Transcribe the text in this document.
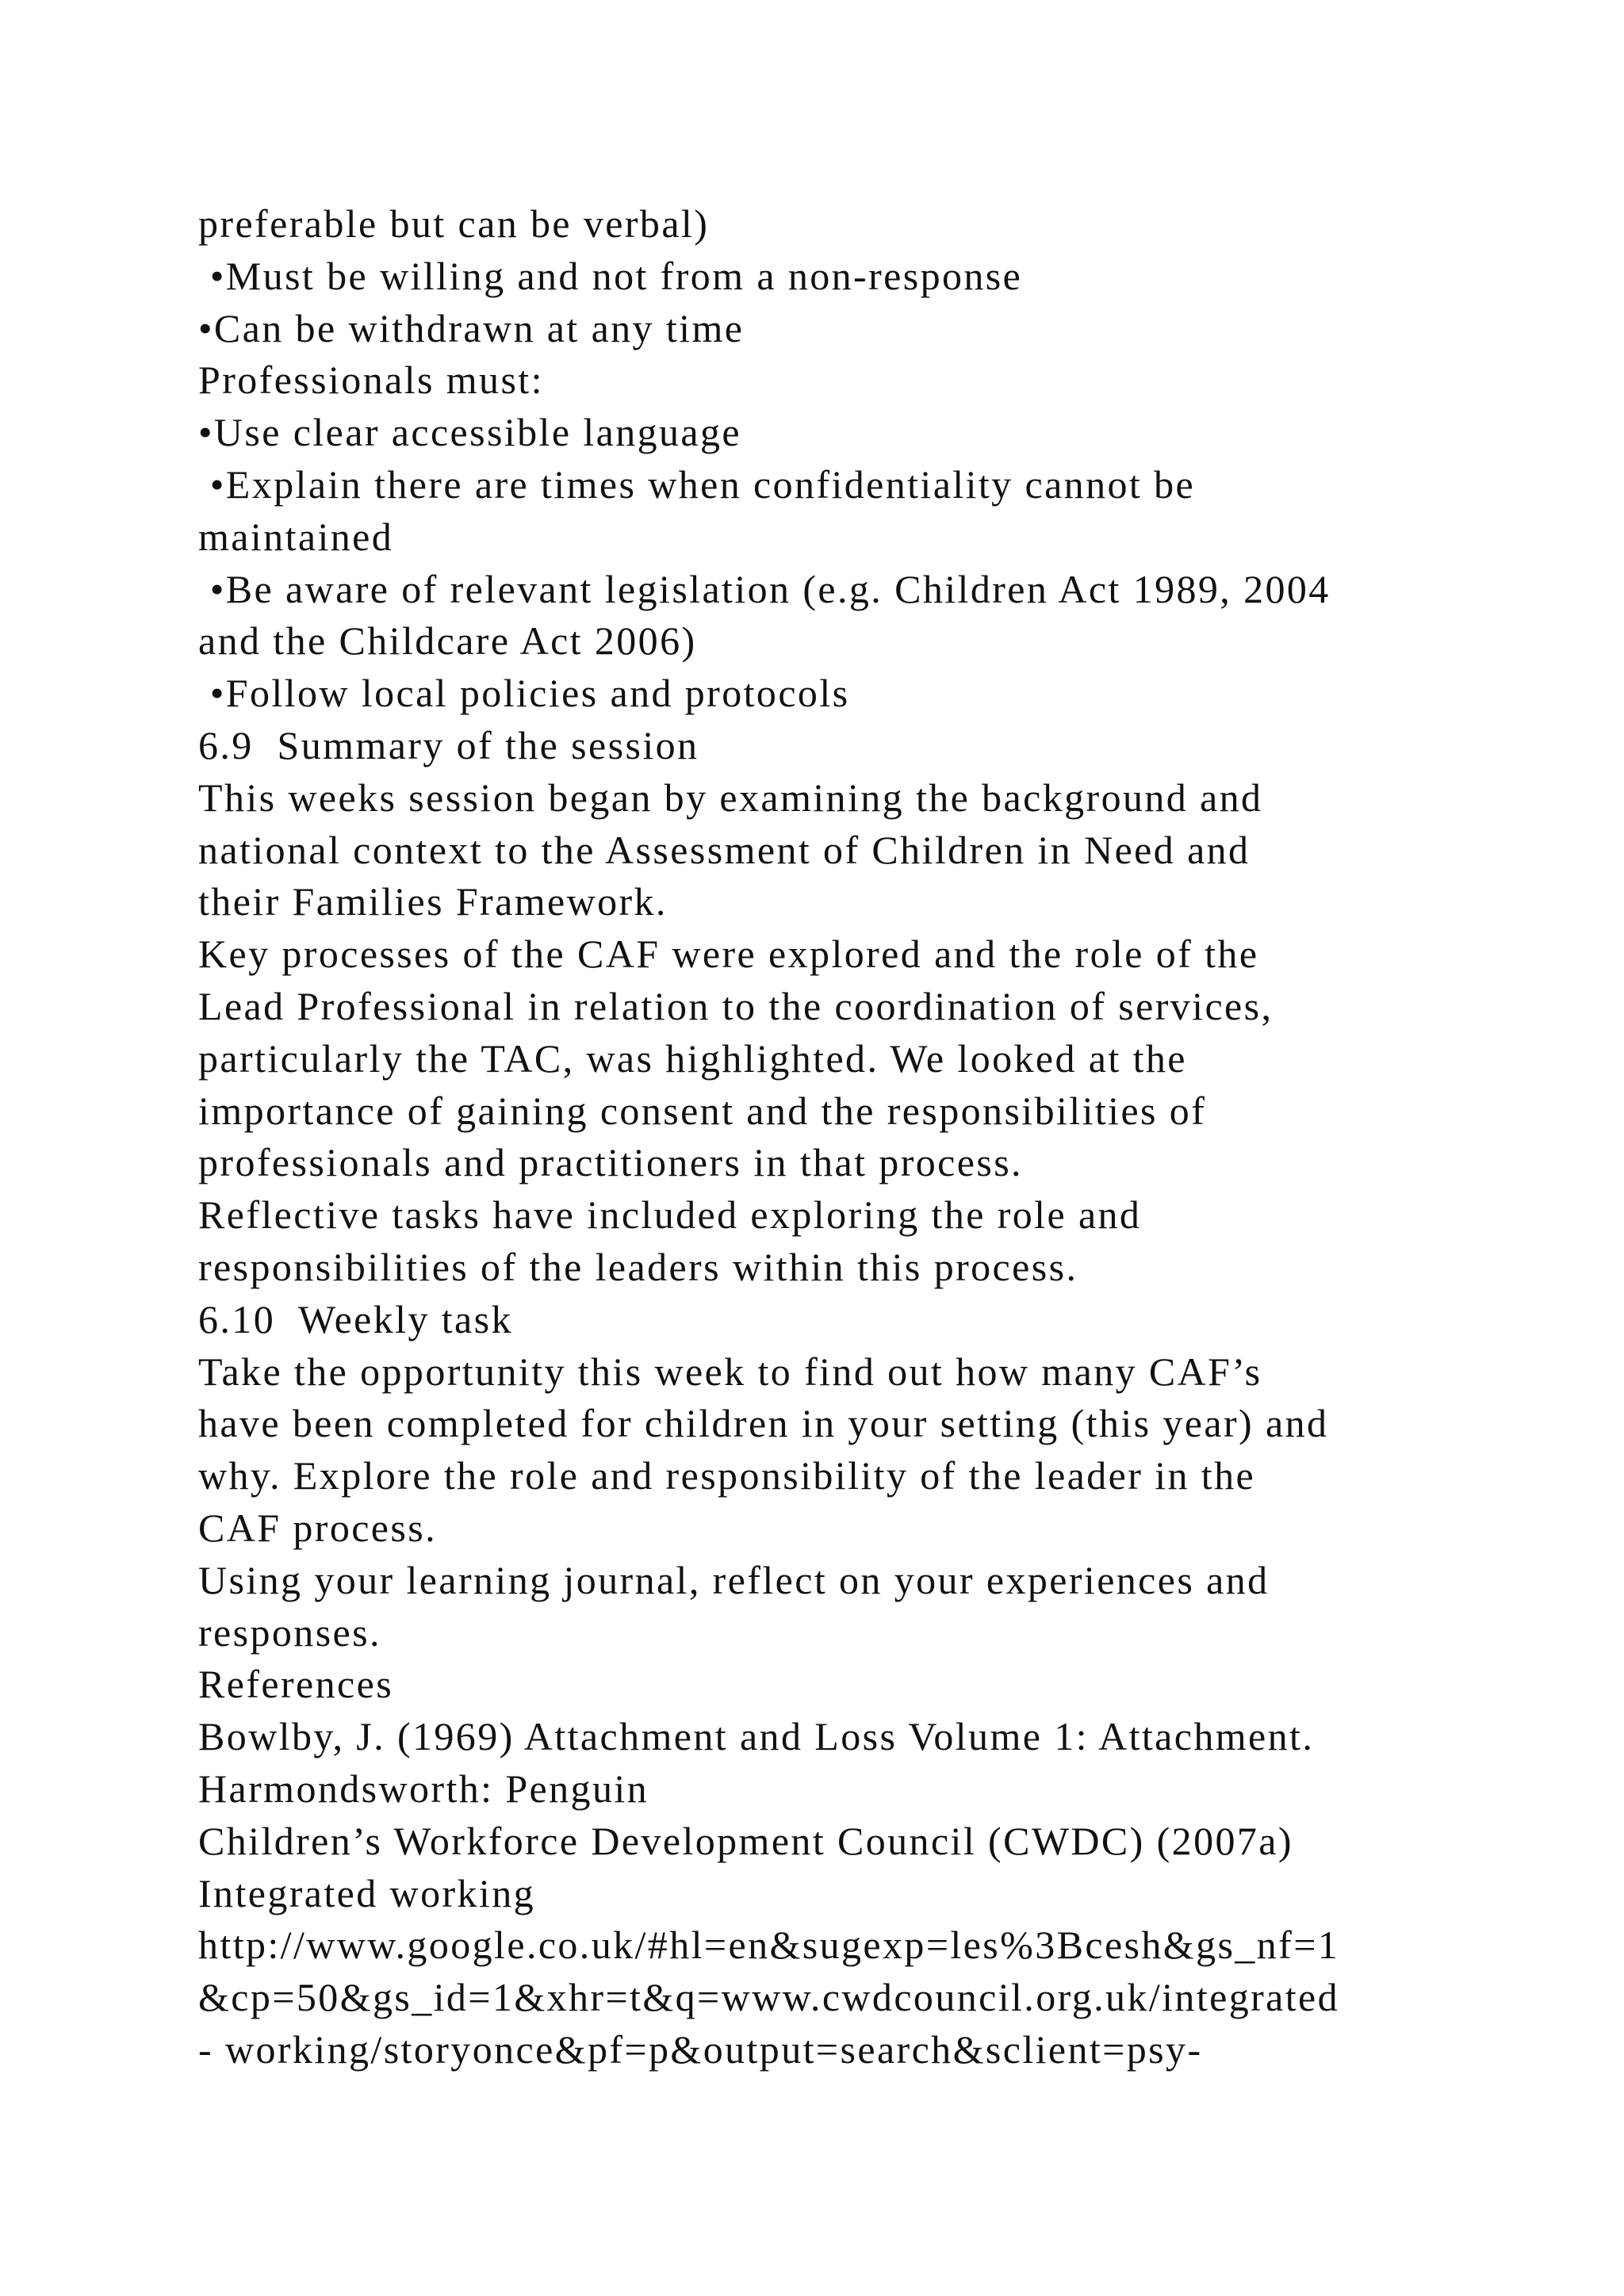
preferable but can be verbal)
•Must be willing and not from a non-response
•Can be withdrawn at any time
Professionals must:
•Use clear accessible language
•Explain there are times when confidentiality cannot be
maintained
•Be aware of relevant legislation (e.g. Children Act 1989, 2004
and the Childcare Act 2006)
•Follow local policies and protocols
6.9  Summary of the session
This weeks session began by examining the background and
national context to the Assessment of Children in Need and
their Families Framework.
Key processes of the CAF were explored and the role of the
Lead Professional in relation to the coordination of services,
particularly the TAC, was highlighted. We looked at the
importance of gaining consent and the responsibilities of
professionals and practitioners in that process.
Reflective tasks have included exploring the role and
responsibilities of the leaders within this process.
6.10  Weekly task
Take the opportunity this week to find out how many CAF’s
have been completed for children in your setting (this year) and
why. Explore the role and responsibility of the leader in the
CAF process.
Using your learning journal, reflect on your experiences and
responses.
References
Bowlby, J. (1969) Attachment and Loss Volume 1: Attachment.
Harmondsworth: Penguin
Children’s Workforce Development Council (CWDC) (2007a)
Integrated working
http://www.google.co.uk/#hl=en&sugexp=les%3Bcesh&gs_nf=1
&cp=50&gs_id=1&xhr=t&q=www.cwdcouncil.org.uk/integrated
- working/storyonce&pf=p&output=search&sclient=psy-
